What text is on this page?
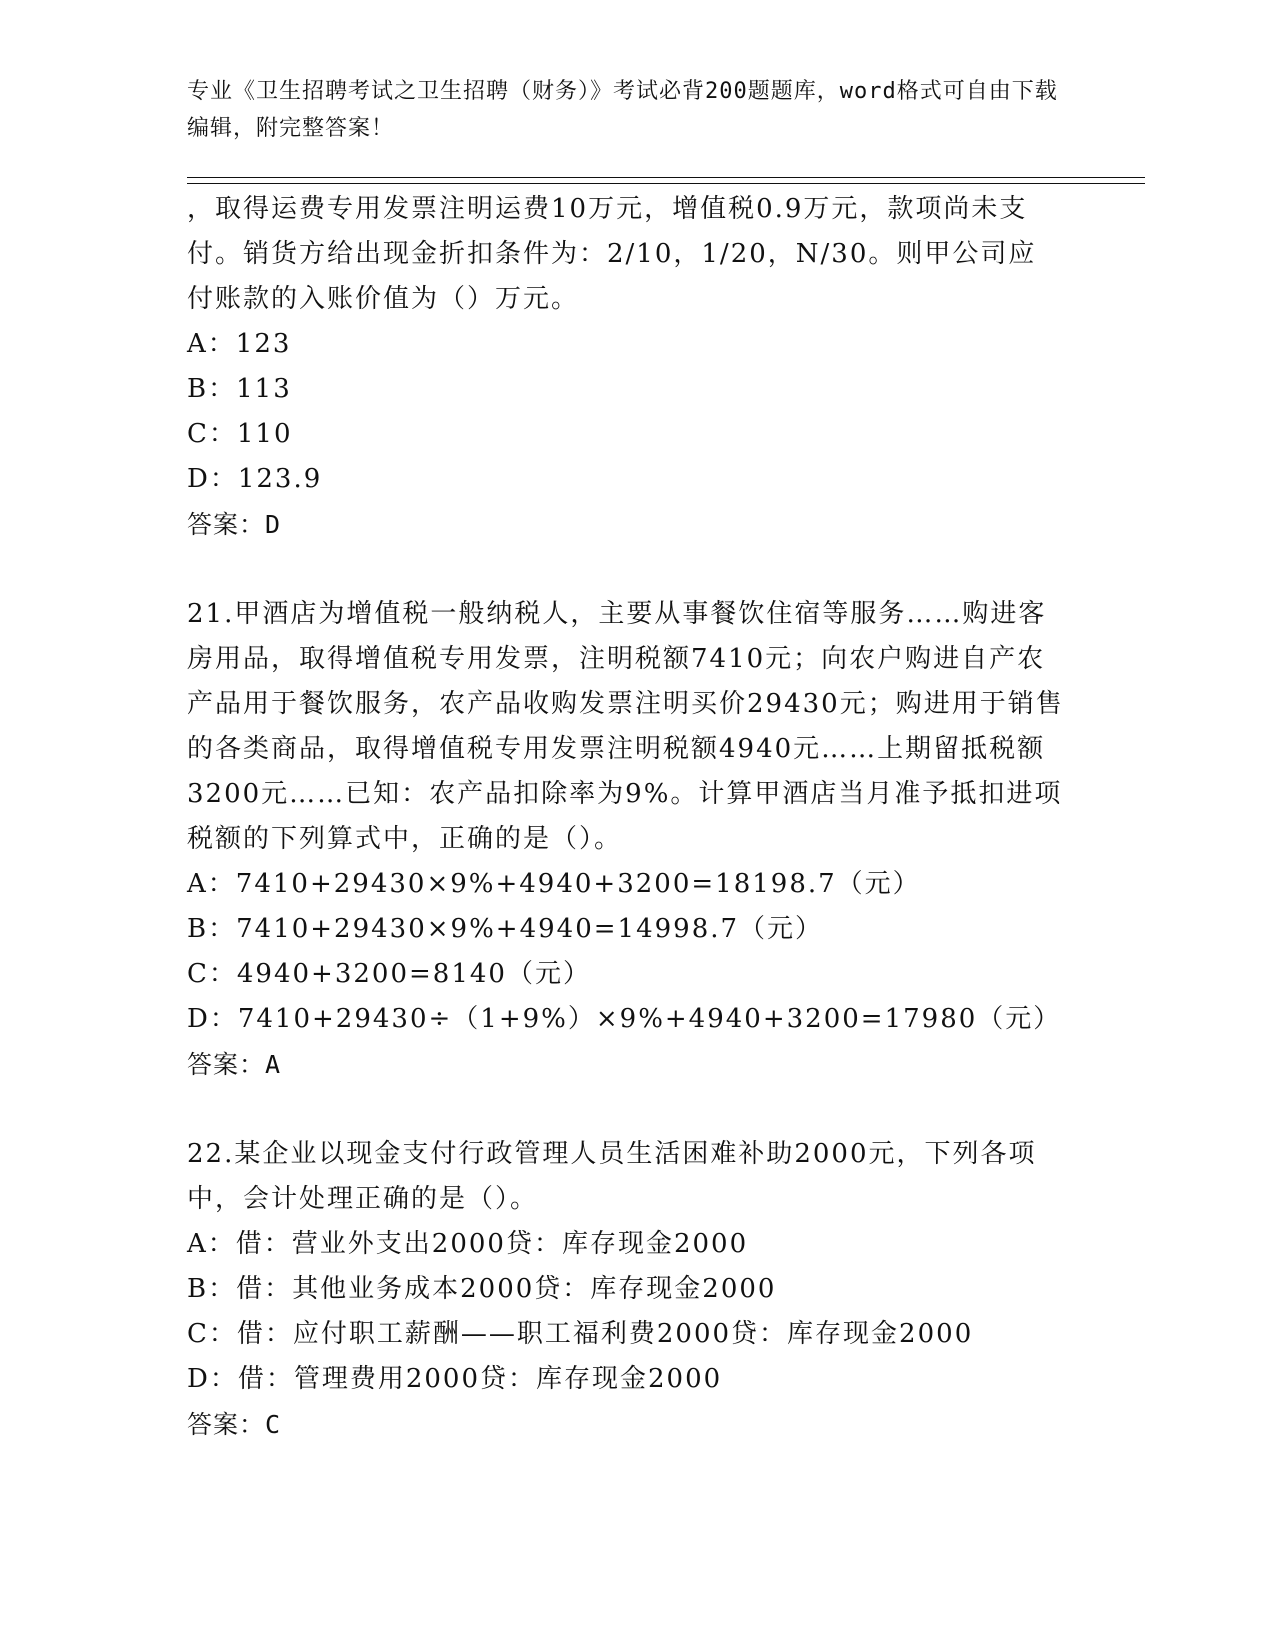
专业《卫生招聘考试之卫生招聘（财务）》考试必背200题题库，word格式可自由下载编辑，附完整答案！

，取得运费专用发票注明运费10万元，增值税0.9万元，款项尚未支付。销货方给出现金折扣条件为：2/10，1/20，N/30。则甲公司应付账款的入账价值为（）万元。

A：123

B：113

C：110

D：123.9

答案：D

21.甲酒店为增值税一般纳税人，主要从事餐饮住宿等服务……购进客房用品，取得增值税专用发票，注明税额7410元；向农户购进自产农产品用于餐饮服务，农产品收购发票注明买价29430元；购进用于销售的各类商品，取得增值税专用发票注明税额4940元……上期留抵税额3200元……已知：农产品扣除率为9%。计算甲酒店当月准予抵扣进项税额的下列算式中，正确的是（）。

A：7410+29430×9%+4940+3200=18198.7（元）

B：7410+29430×9%+4940=14998.7（元）

C：4940+3200=8140（元）

D：7410+29430÷（1+9%）×9%+4940+3200=17980（元）

答案：A

22.某企业以现金支付行政管理人员生活困难补助2000元，下列各项中，会计处理正确的是（）。

A：借：营业外支出2000贷：库存现金2000

B：借：其他业务成本2000贷：库存现金2000

C：借：应付职工薪酬——职工福利费2000贷：库存现金2000

D：借：管理费用2000贷：库存现金2000

答案：C
